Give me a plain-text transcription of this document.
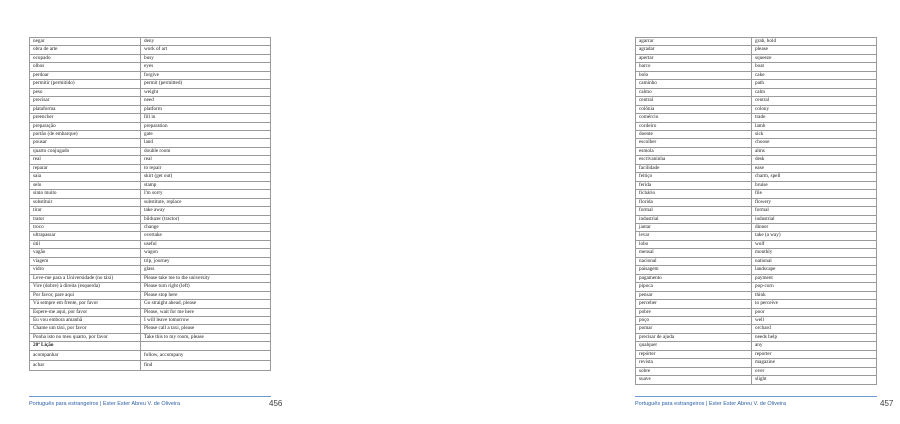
negar	deny
obra de arte	work of art
ocupado	busy
olhos	eyes
perdoar	forgive
permitir (permitido)	permit (permitted)
peso	weight
precisar	need
plataforma	platform
preencher	fill in
preparação	preparation
portão (de embarque)	gate
pousar	land
quarto conjugado	double room
real	real
reparar	to repair
saia	skirt (get out)
selo	stamp
sinto muito	I'm sorry
substituir	substitute, replace
tirar	take away
trator	bilduzer (tractor)
troco	change
ultrapassar	overtake
útil	useful
vagão	wagon
viagem	trip, journey
vidro	glass
Leve-me para a Universidade (no táxi)	Please take me to the university
Vire (dobre) à direita (esquerda)	Please turn right (left)
Por favor, pare aqui	Please stop here
Vá sempre em frente, por favor	Go straight ahead, please
Espere-me aqui, por favor	Please, wait for me here
Eu vou embora amanhã	I will leave tomorrow
Chame um táxi, por favor	Please call a taxi, please
Ponha isto no meu quarto, por favor	Take this to my room, please
20ª Lição	
acompanhar	follow, accompany
achar	find
Português para estrangeiros | Ester Ester Abreu V. de Oliveira	456
agarrar	grab, hold
agradar	please
apertar	squeeze
barco	boat
bolo	cake
caminho	path
calmo	calm
central	central
colônia	colony
comércio	trade
cordeiro	lamb
doente	sick
escolher	choose
esmola	alms
escrivaninha	desk
facilidade	ease
feitiço	charm, spell
ferida	bruise
fichário	file
florida	flowery
formal	formal
industrial	industrial
jantar	dinner
levar	take (a way)
lobo	wolf
mensal	monthly
nacional	national
paisagem	landscape
pagamento	payment
pipoca	pop-corn
pensar	think
perceber	to perceive
pobre	poor
poço	well
pomar	orchard
precisar de ajuda	needs help
qualquer	any
repórter	reporter
revista	magazine
sobre	over
suave	slight
Português para estrangeiros | Ester Ester Abreu V. de Oliveira	457
